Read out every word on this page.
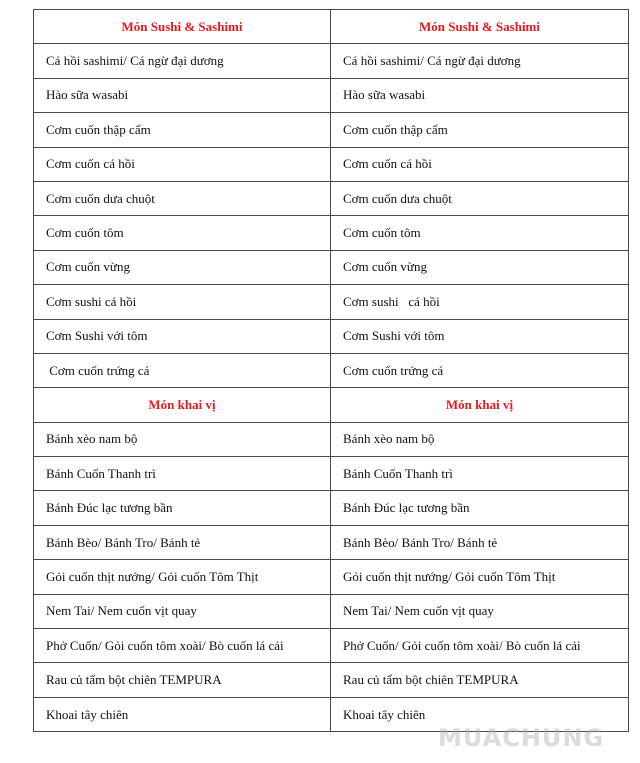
Món Sushi & Sashimi	Món Sushi & Sashimi
Cá hồi sashimi/ Cá ngừ đại dương	Cá hồi sashimi/ Cá ngừ đại dương
Hào sữa wasabi	Hào sữa wasabi
Cơm cuốn thập cẩm	Cơm cuốn thập cẩm
Cơm cuốn cá hồi	Cơm cuốn cá hồi
Cơm cuốn dưa chuột	Cơm cuốn dưa chuột
Cơm cuốn tôm	Cơm cuốn tôm
Cơm cuốn vừng	Cơm cuốn vừng
Cơm sushi cá hồi	Cơm sushi   cá hồi
Cơm Sushi với tôm	Cơm Sushi với tôm
Cơm cuốn trứng cá	Cơm cuốn trứng cá
Món khai vị	Món khai vị
Bánh xèo nam bộ	Bánh xèo nam bộ
Bánh Cuốn Thanh trì	Bánh Cuốn Thanh trì
Bánh Đúc lạc tương bần	Bánh Đúc lạc tương bần
Bánh Bèo/ Bánh Tro/ Bánh tẻ	Bánh Bèo/ Bánh Tro/ Bánh tẻ
Gỏi cuốn thịt nướng/ Gỏi cuốn Tôm Thịt	Gỏi cuốn thịt nướng/ Gỏi cuốn Tôm Thịt
Nem Tai/ Nem cuốn vịt quay	Nem Tai/ Nem cuốn vịt quay
Phở Cuốn/ Gỏi cuốn tôm xoài/ Bò cuốn lá cải	Phở Cuốn/ Gỏi cuốn tôm xoài/ Bò cuốn lá cải
Rau củ tẩm bột chiên TEMPURA	Rau củ tẩm bột chiên TEMPURA
Khoai tây chiên	Khoai tây chiên
MUACHUNG
